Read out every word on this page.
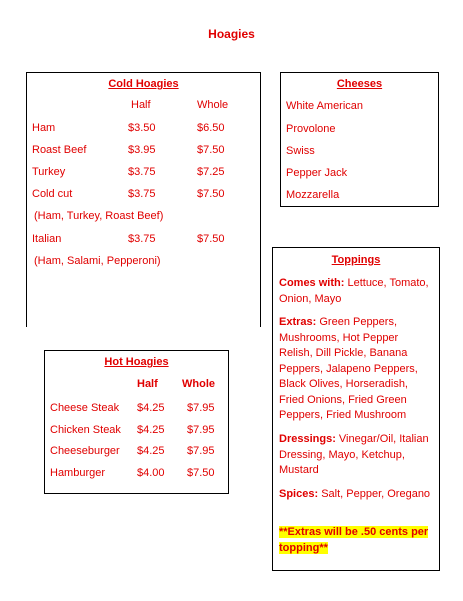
Hoagies
Cold Hoagies
Half	Whole
Ham	$3.50	$6.50
Roast Beef	$3.95	$7.50
Turkey	$3.75	$7.25
Cold cut	$3.75	$7.50
(Ham, Turkey, Roast Beef)
Italian	$3.75	$7.50
(Ham, Salami, Pepperoni)
Cheeses
White American
Provolone
Swiss
Pepper Jack
Mozzarella
Hot Hoagies
Half Whole
Cheese Steak $4.25 $7.95
Chicken Steak $4.25 $7.95
Cheeseburger $4.25 $7.95
Hamburger	$4.00 $7.50
Toppings
Comes with: Lettuce, Tomato, Onion, Mayo
Extras: Green Peppers, Mushrooms, Hot Pepper Relish, Dill Pickle, Banana Peppers, Jalapeno Peppers, Black Olives, Horseradish, Fried Onions, Fried Green Peppers, Fried Mushroom
Dressings: Vinegar/Oil, Italian Dressing, Mayo, Ketchup, Mustard
Spices: Salt, Pepper, Oregano
**Extras will be .50 cents per topping**
